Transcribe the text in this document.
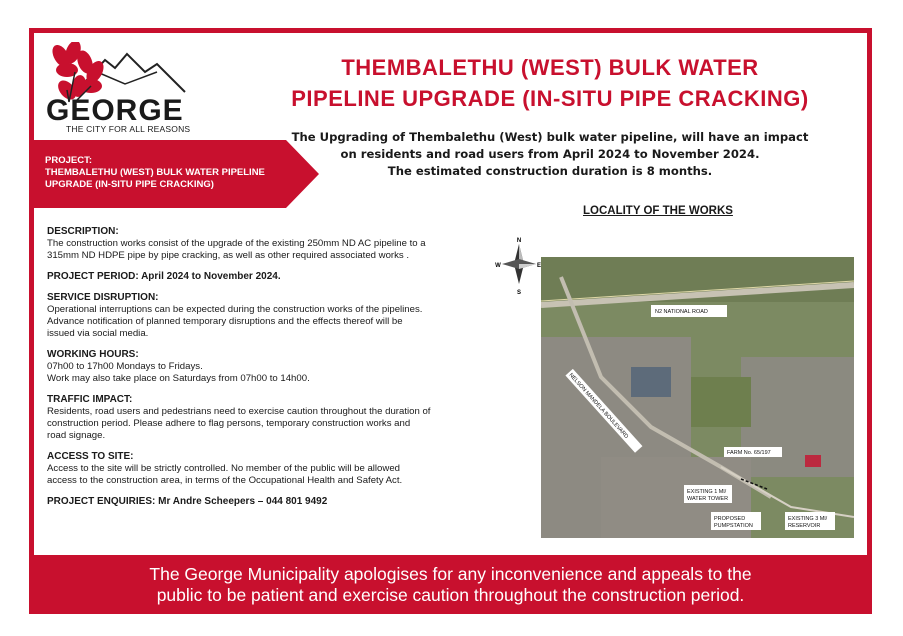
GEORGE
THE CITY FOR ALL REASONS
THEMBALETHU (WEST) BULK WATER
PIPELINE UPGRADE (IN-SITU PIPE CRACKING)
The Upgrading of Thembalethu (West) bulk water pipeline, will have an impact
on residents and road users from April 2024 to November 2024.
The estimated construction duration is 8 months.
PROJECT:
THEMBALETHU (WEST) BULK WATER PIPELINE
UPGRADE (IN-SITU PIPE CRACKING)
DESCRIPTION:

The construction works consist of the upgrade of the existing 250mm ND AC pipeline to a

315mm ND HDPE pipe by pipe cracking, as well as other required associated works .

PROJECT PERIOD: April 2024 to November 2024.

SERVICE DISRUPTION:

Operational interruptions can be expected during the construction works of the pipelines.

Advance notification of planned temporary disruptions and the effects thereof will be

issued via social media.

WORKING HOURS:

07h00 to 17h00 Mondays to Fridays.

Work may also take place on Saturdays from 07h00 to 14h00.

TRAFFIC IMPACT:

Residents, road users and pedestrians need to exercise caution throughout the duration of

construction period. Please adhere to flag persons, temporary construction works and

road signage.

ACCESS TO SITE:

Access to the site will be strictly controlled. No member of the public will be allowed

access to the construction area, in terms of the Occupational Health and Safety Act.

PROJECT ENQUIRIES: Mr Andre Scheepers – 044 801 9492

LOCALITY OF THE WORKS
N
S
E
W
N2 NATIONAL ROAD
NELSON MANDELA BOULEVARD
FARM No. 65/197
EXISTING 1 Ml/
WATER TOWER
PROPOSED
PUMPSTATION
EXISTING 3 Ml/
RESERVOIR
The George Municipality apologises for any inconvenience and appeals to the
public to be patient and exercise caution throughout the construction period.
